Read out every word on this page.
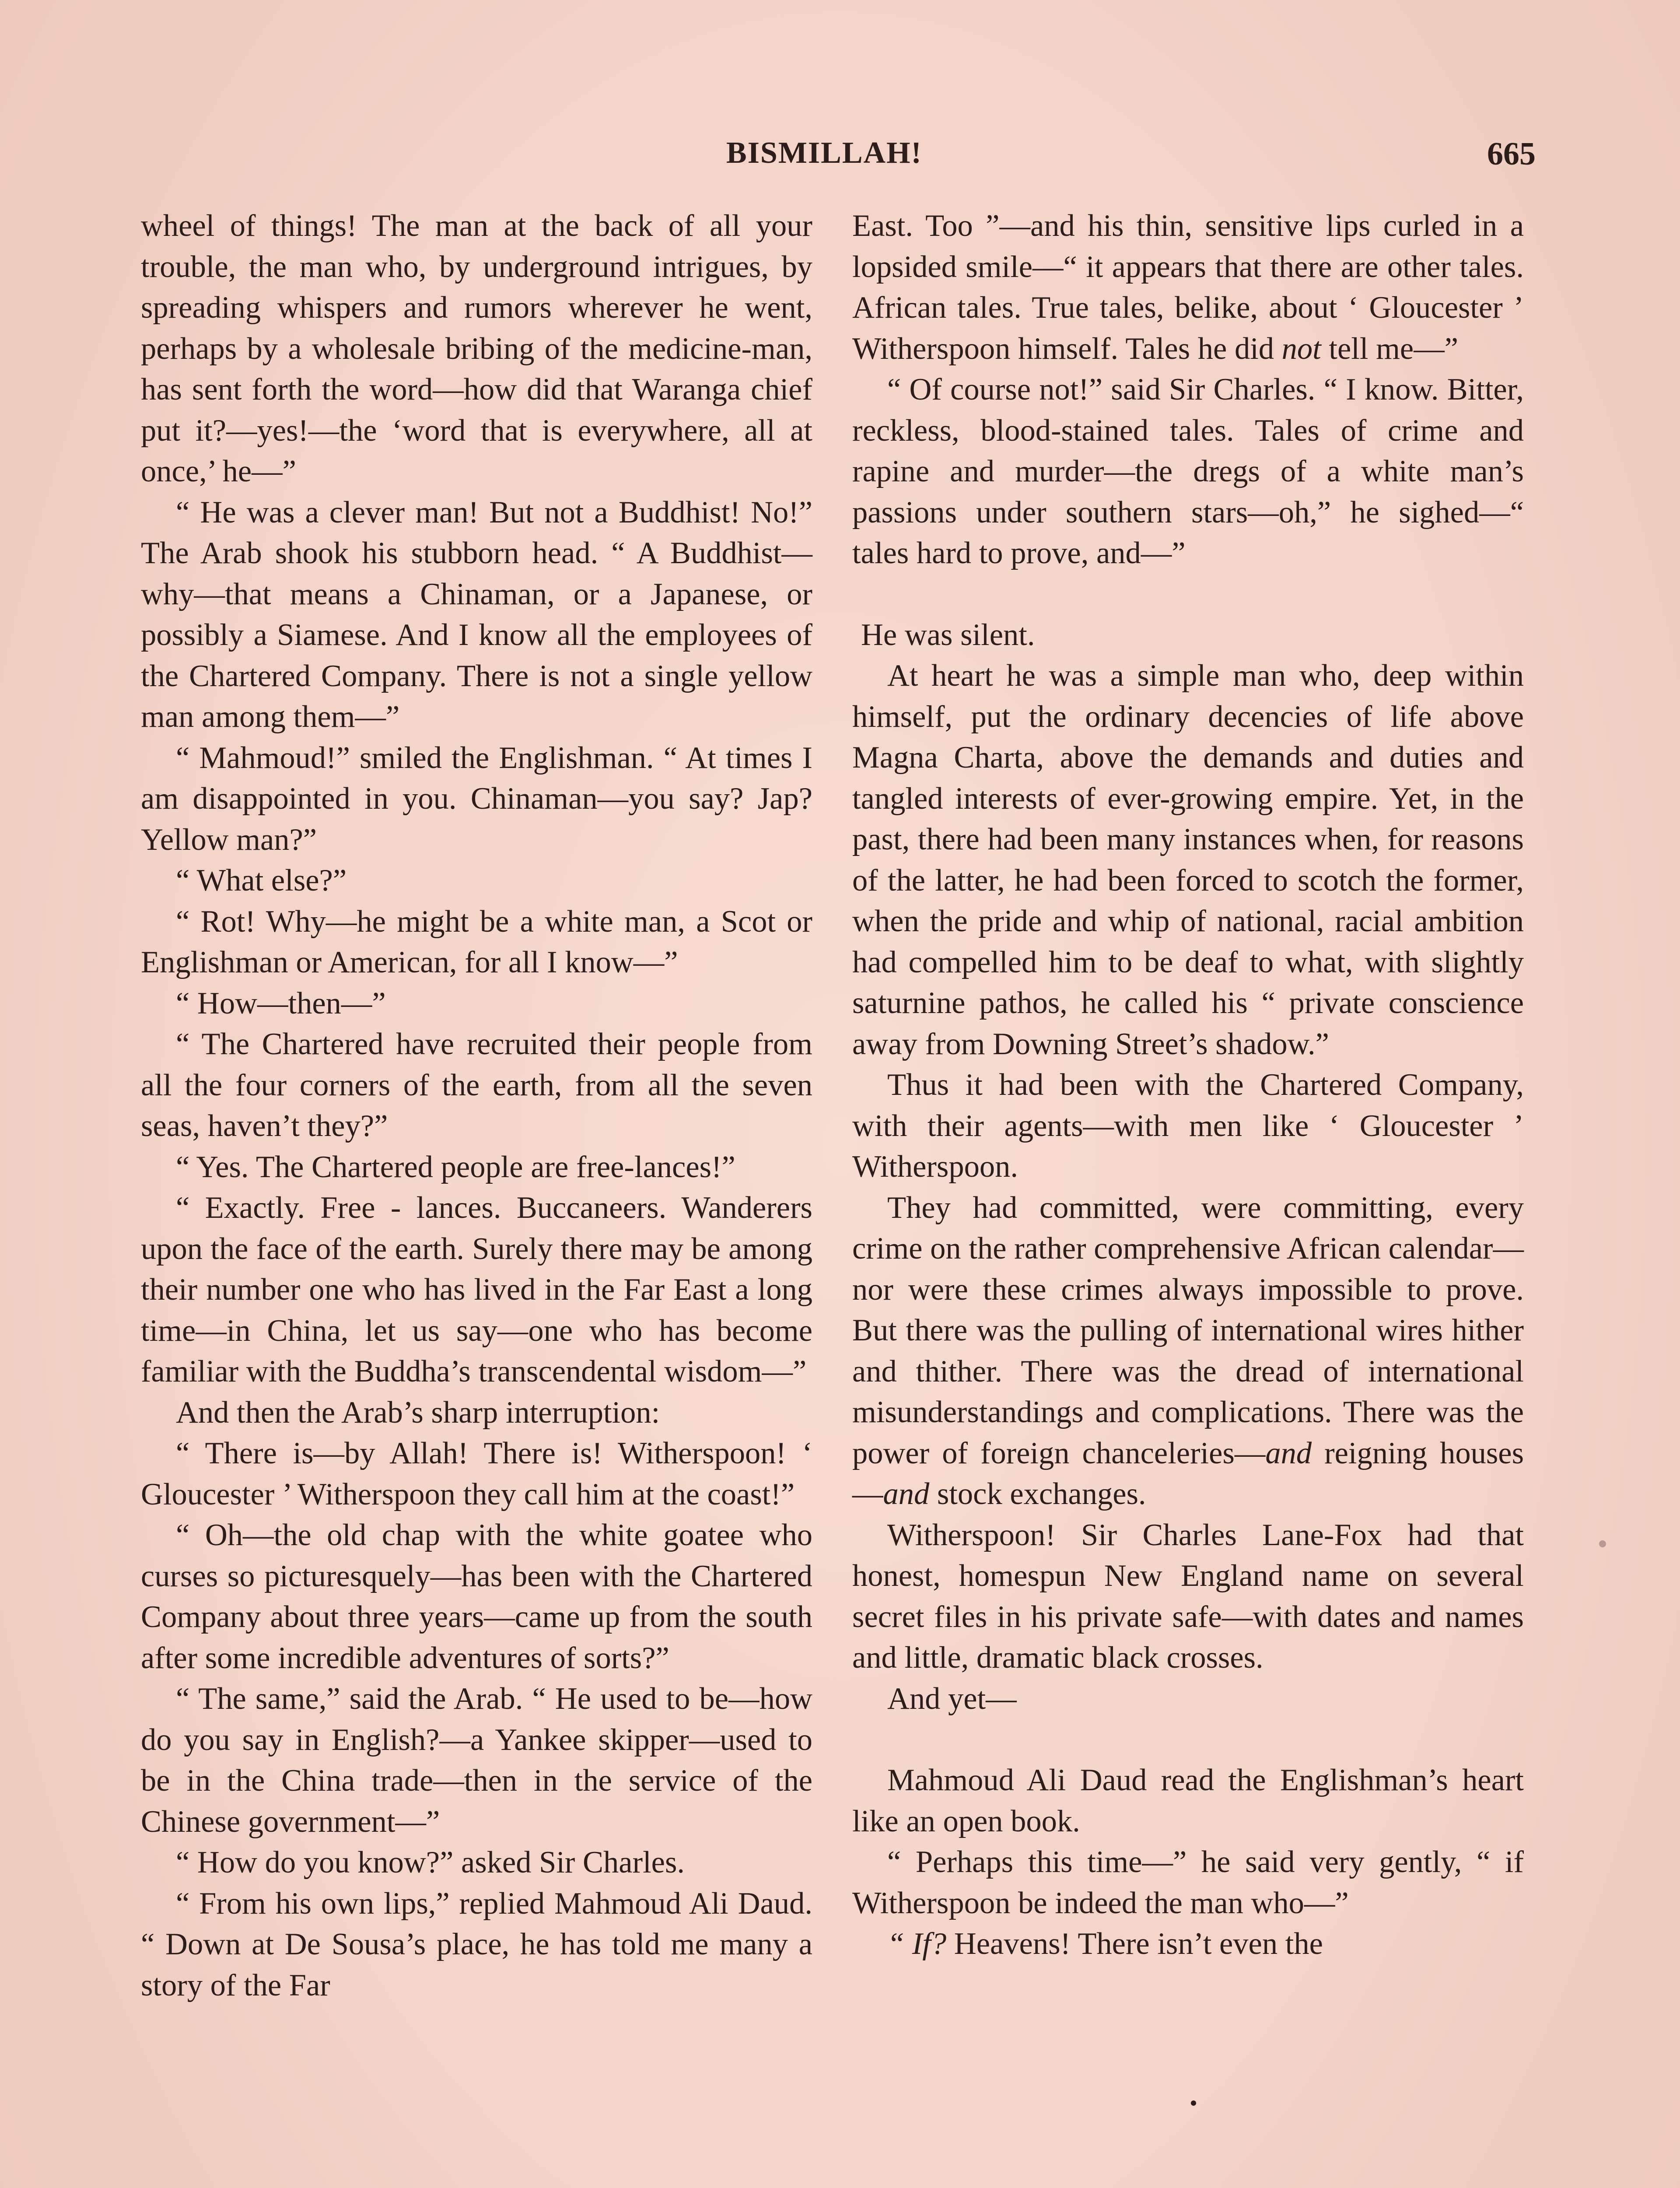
BISMILLAH!	665

wheel of things! The man at the back of all your trouble, the man who, by underground intrigues, by spreading whispers and rumors wherever he went, perhaps by a wholesale bribing of the medicine-man, has sent forth the word—how did that Waranga chief put it?—yes!—the ‘word that is everywhere, all at once,’ he—”

“ He was a clever man! But not a Buddhist! No!” The Arab shook his stubborn head. “ A Buddhist—why—that means a Chinaman, or a Japanese, or possibly a Siamese. And I know all the employees of the Chartered Company. There is not a single yellow man among them—”

“ Mahmoud!” smiled the Englishman. “ At times I am disappointed in you. Chinaman—you say? Jap? Yellow man?”

“ What else?”

“ Rot! Why—he might be a white man, a Scot or Englishman or American, for all I know—”

“ How—then—”

“ The Chartered have recruited their people from all the four corners of the earth, from all the seven seas, haven’t they?”

“ Yes. The Chartered people are free-lances!”

“ Exactly. Free - lances. Buccaneers. Wanderers upon the face of the earth. Surely there may be among their number one who has lived in the Far East a long time—in China, let us say—one who has become familiar with the Buddha’s transcendental wisdom—”

And then the Arab’s sharp interruption:

“ There is—by Allah! There is! Witherspoon! ‘ Gloucester ’ Witherspoon they call him at the coast!”

“ Oh—the old chap with the white goatee who curses so picturesquely—has been with the Chartered Company about three years—came up from the south after some incredible adventures of sorts?”

“ The same,” said the Arab. “ He used to be—how do you say in English?—a Yankee skipper—used to be in the China trade—then in the service of the Chinese government—”

“ How do you know?” asked Sir Charles.

“ From his own lips,” replied Mahmoud Ali Daud. “ Down at De Sousa’s place, he has told me many a story of the Far

East. Too ”—and his thin, sensitive lips curled in a lopsided smile—“ it appears that there are other tales. African tales. True tales, belike, about ‘ Gloucester ’ Witherspoon himself. Tales he did not tell me—”

“ Of course not!” said Sir Charles. “ I know. Bitter, reckless, blood-stained tales. Tales of crime and rapine and murder—the dregs of a white man’s passions under southern stars—oh,” he sighed—“ tales hard to prove, and—”

He was silent.

At heart he was a simple man who, deep within himself, put the ordinary decencies of life above Magna Charta, above the demands and duties and tangled interests of ever-growing empire. Yet, in the past, there had been many instances when, for reasons of the latter, he had been forced to scotch the former, when the pride and whip of national, racial ambition had compelled him to be deaf to what, with slightly saturnine pathos, he called his “ private conscience away from Downing Street’s shadow.”

Thus it had been with the Chartered Company, with their agents—with men like ‘ Gloucester ’ Witherspoon.

They had committed, were committing, every crime on the rather comprehensive African calendar—nor were these crimes always impossible to prove. But there was the pulling of international wires hither and thither. There was the dread of international misunderstandings and complications. There was the power of foreign chanceleries—and reigning houses—and stock exchanges.

Witherspoon! Sir Charles Lane-Fox had that honest, homespun New England name on several secret files in his private safe—with dates and names and little, dramatic black crosses.

And yet—

Mahmoud Ali Daud read the Englishman’s heart like an open book.

“ Perhaps this time—” he said very gently, “ if Witherspoon be indeed the man who—”

“ If? Heavens! There isn’t even the
